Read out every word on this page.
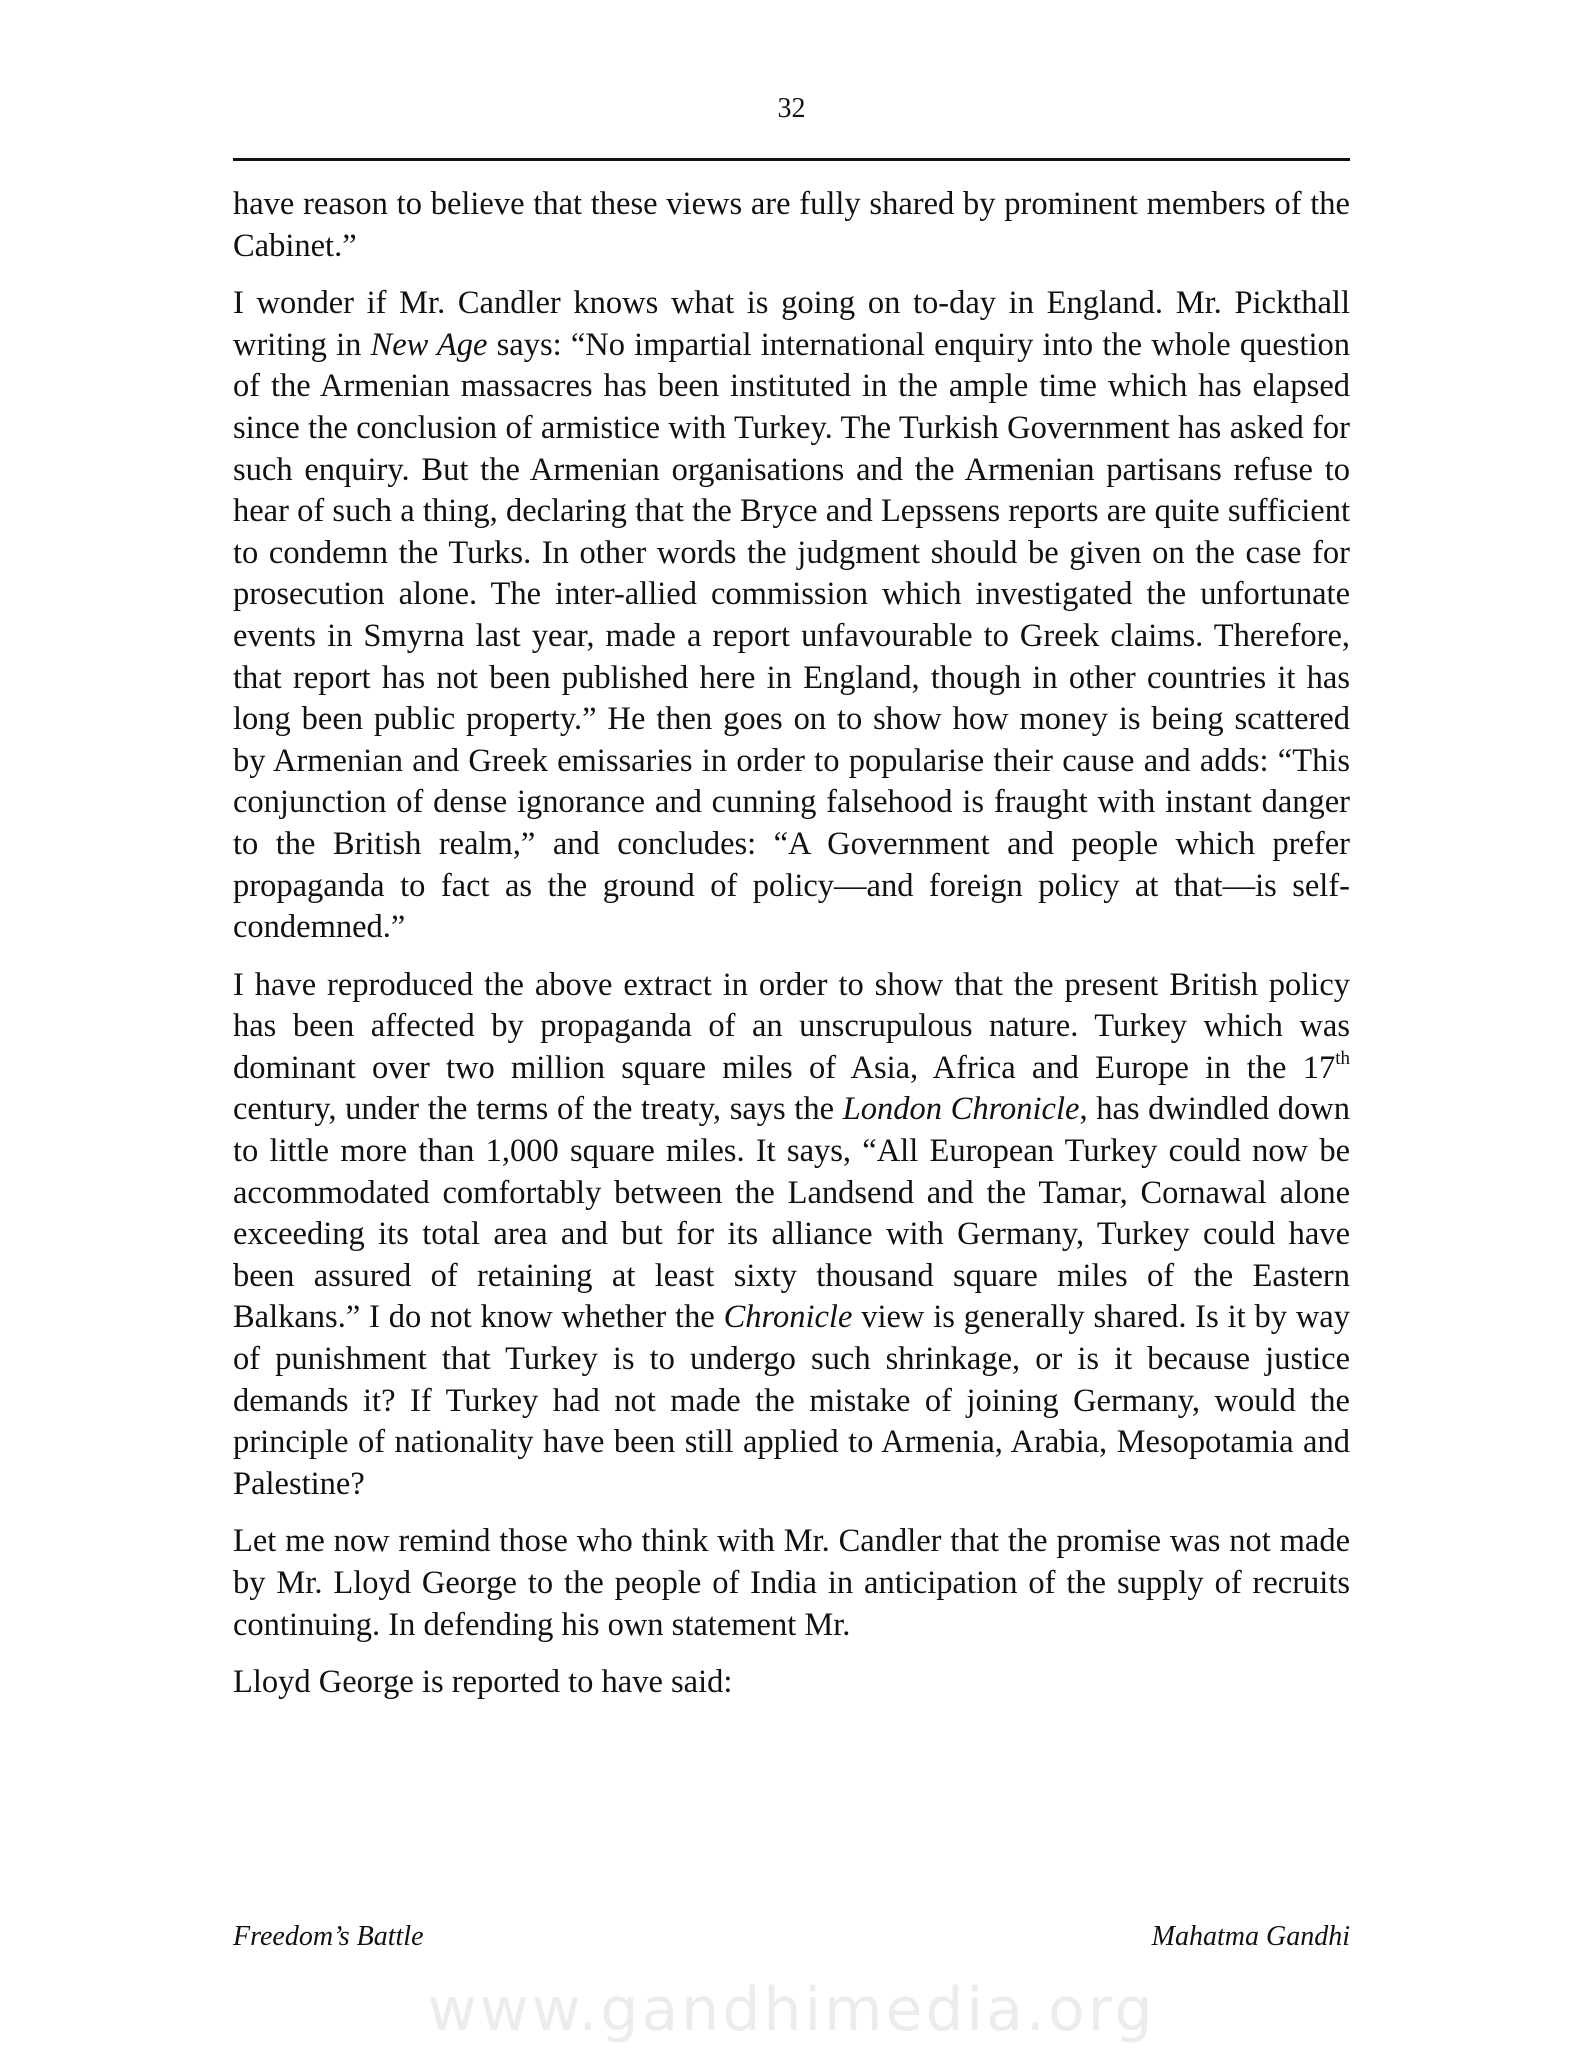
32

have reason to believe that these views are fully shared by prominent members of the Cabinet.”

I wonder if Mr. Candler knows what is going on to-day in England. Mr. Pickthall writing in New Age says: “No impartial international enquiry into the whole question of the Armenian massacres has been instituted in the ample time which has elapsed since the conclusion of armistice with Turkey. The Turkish Government has asked for such enquiry. But the Armenian organisations and the Armenian partisans refuse to hear of such a thing, declaring that the Bryce and Lepssens reports are quite sufficient to condemn the Turks. In other words the judgment should be given on the case for prosecution alone. The inter-allied commission which investigated the unfortunate events in Smyrna last year, made a report unfavourable to Greek claims. Therefore, that report has not been published here in England, though in other countries it has long been public property.” He then goes on to show how money is being scattered by Armenian and Greek emissaries in order to popularise their cause and adds: “This conjunction of dense ignorance and cunning falsehood is fraught with instant danger to the British realm,” and concludes: “A Government and people which prefer propaganda to fact as the ground of policy—and foreign policy at that—is self-condemned.”

I have reproduced the above extract in order to show that the present British policy has been affected by propaganda of an unscrupulous nature. Turkey which was dominant over two million square miles of Asia, Africa and Europe in the 17th century, under the terms of the treaty, says the London Chronicle, has dwindled down to little more than 1,000 square miles. It says, “All European Turkey could now be accommodated comfortably between the Landsend and the Tamar, Cornawal alone exceeding its total area and but for its alliance with Germany, Turkey could have been assured of retaining at least sixty thousand square miles of the Eastern Balkans.” I do not know whether the Chronicle view is generally shared. Is it by way of punishment that Turkey is to undergo such shrinkage, or is it because justice demands it? If Turkey had not made the mistake of joining Germany, would the principle of nationality have been still applied to Armenia, Arabia, Mesopotamia and Palestine?

Let me now remind those who think with Mr. Candler that the promise was not made by Mr. Lloyd George to the people of India in anticipation of the supply of recruits continuing. In defending his own statement Mr.

Lloyd George is reported to have said:

Freedom’s Battle	Mahatma Gandhi
www.gandhimedia.org
